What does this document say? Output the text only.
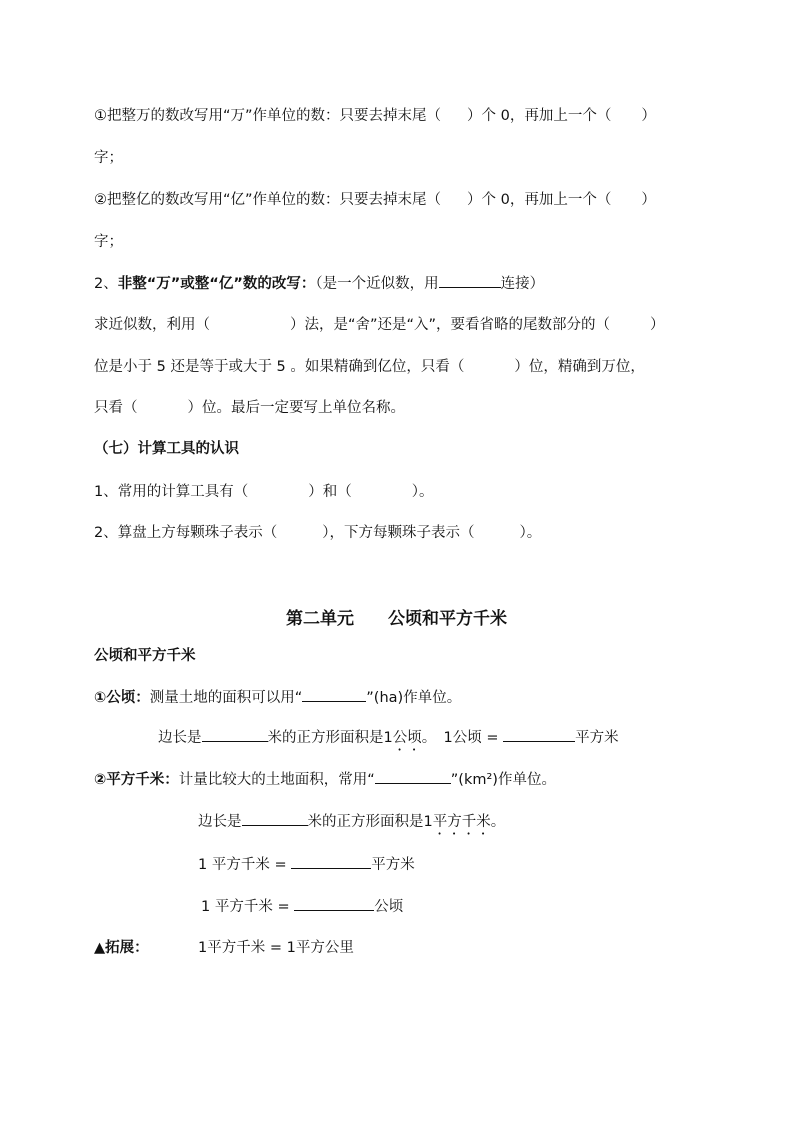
①把整万的数改写用“万”作单位的数：只要去掉末尾（ ）个 0，再加上一个（ ）
字；
②把整亿的数改写用“亿”作单位的数：只要去掉末尾（ ）个 0，再加上一个（ ）
字；
2、非整“万”或整“亿”数的改写：（是一个近似数，用	连接）
求近似数，利用（	）法，是“舍”还是“入”，要看省略的尾数部分的（	）
位是小于 5 还是等于或大于 5 。如果精确到亿位，只看（	）位，精确到万位，
只看（	）位。最后一定要写上单位名称。
（七）计算工具的认识
1、常用的计算工具有（	）和（	）。
2、算盘上方每颗珠子表示（	），下方每颗珠子表示（	）。
第二单元　　公顷和平方千米
公顷和平方千米
①公顷：测量土地的面积可以用“	”(ha)作单位。
边长是	米的正方形面积是1公顷。　1公顷 =	平方米
②平方千米：计量比较大的土地面积，常用“	”(km²)作单位。
边长是	米的正方形面积是1平方千米。
1 平方千米 =	平方米
1 平方千米 =	公顷
▲拓展：	1平方千米 = 1平方公里
